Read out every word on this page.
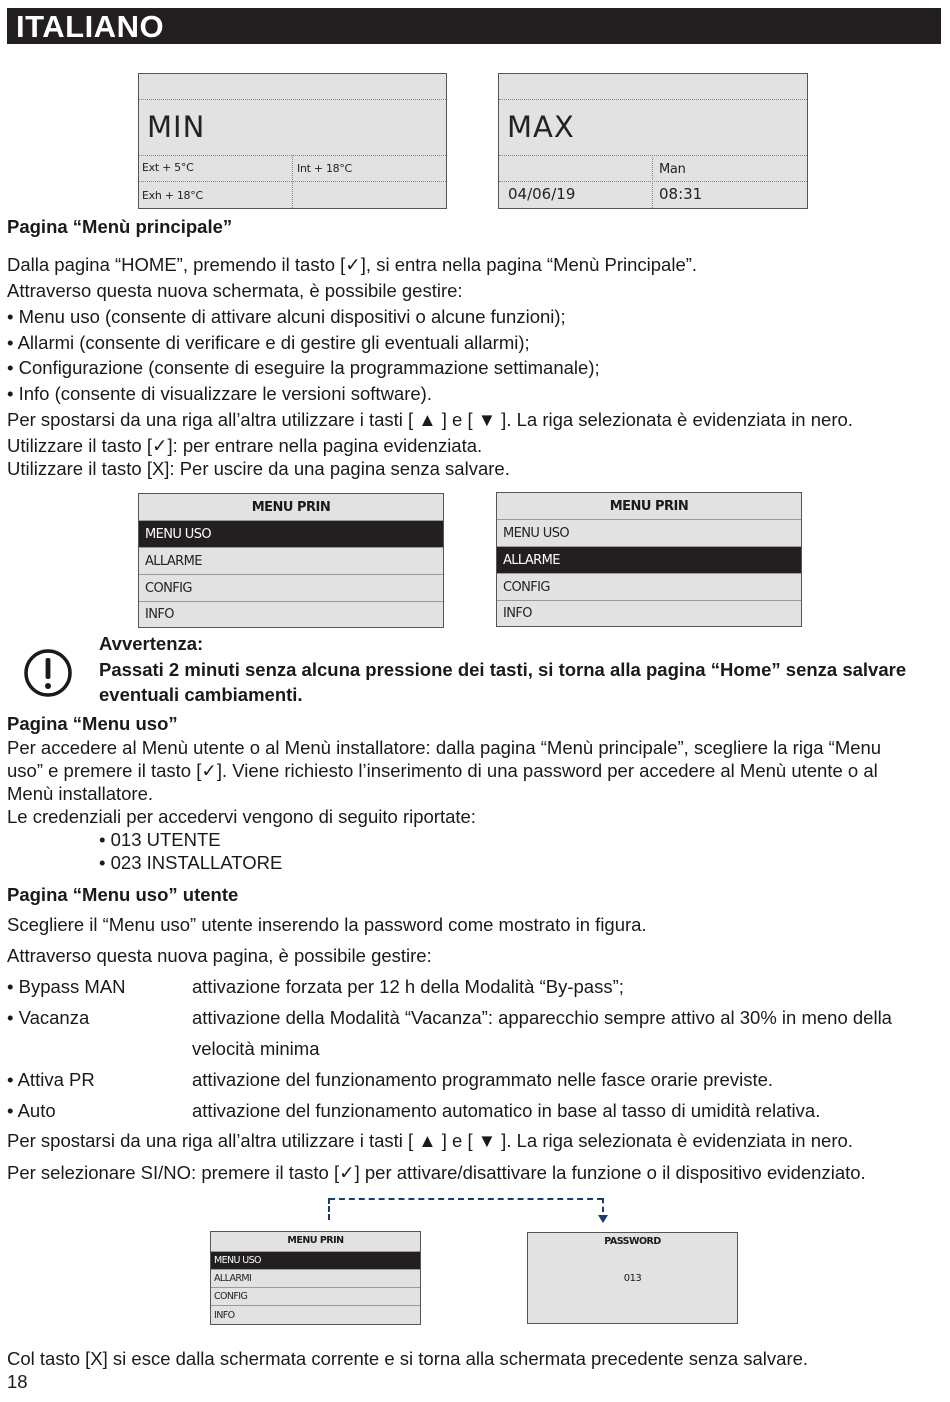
ITALIANO
MIN
Ext + 5°C	Int + 18°C
Exh + 18°C
MAX
Man
04/06/19	08:31
Pagina “Menù principale”
Dalla pagina “HOME”, premendo il tasto [✓], si entra nella pagina “Menù Principale”.
Attraverso questa nuova schermata, è possibile gestire:
• Menu uso (consente di attivare alcuni dispositivi o alcune funzioni);
• Allarmi (consente di verificare e di gestire gli eventuali allarmi);
• Configurazione (consente di eseguire la programmazione settimanale);
• Info (consente di visualizzare le versioni software).
Per spostarsi da una riga all’altra utilizzare i tasti [ ▲ ] e [ ▼ ]. La riga selezionata è evidenziata in nero.
Utilizzare il tasto [✓]: per entrare nella pagina evidenziata.
Utilizzare il tasto [X]: Per uscire da una pagina senza salvare.
MENU PRIN
MENU USO
ALLARME
CONFIG
INFO
MENU PRIN
MENU USO
ALLARME
CONFIG
INFO
Avvertenza:
Passati 2 minuti senza alcuna pressione dei tasti, si torna alla pagina “Home” senza salvare
eventuali cambiamenti.
Pagina “Menu uso”
Per accedere al Menù utente o al Menù installatore: dalla pagina “Menù principale”, scegliere la riga “Menu
uso” e premere il tasto [✓]. Viene richiesto l’inserimento di una password per accedere al Menù utente o al
Menù installatore.
Le credenziali per accedervi vengono di seguito riportate:
• 013 UTENTE
• 023 INSTALLATORE
Pagina “Menu uso” utente
Scegliere il “Menu uso” utente inserendo la password come mostrato in figura.
Attraverso questa nuova pagina, è possibile gestire:
• Bypass MAN	attivazione forzata per 12 h della Modalità “By-pass”;
• Vacanza	attivazione della Modalità “Vacanza”: apparecchio sempre attivo al 30% in meno della
velocità minima
• Attiva PR	attivazione del funzionamento programmato nelle fasce orarie previste.
• Auto	attivazione del funzionamento automatico in base al tasso di umidità relativa.
Per spostarsi da una riga all’altra utilizzare i tasti [ ▲ ] e [ ▼ ]. La riga selezionata è evidenziata in nero.
Per selezionare SI/NO: premere il tasto [✓] per attivare/disattivare la funzione o il dispositivo evidenziato.
MENU PRIN
MENU USO
ALLARMI
CONFIG
INFO
PASSWORD
013
Col tasto [X] si esce dalla schermata corrente e si torna alla schermata precedente senza salvare.
18
